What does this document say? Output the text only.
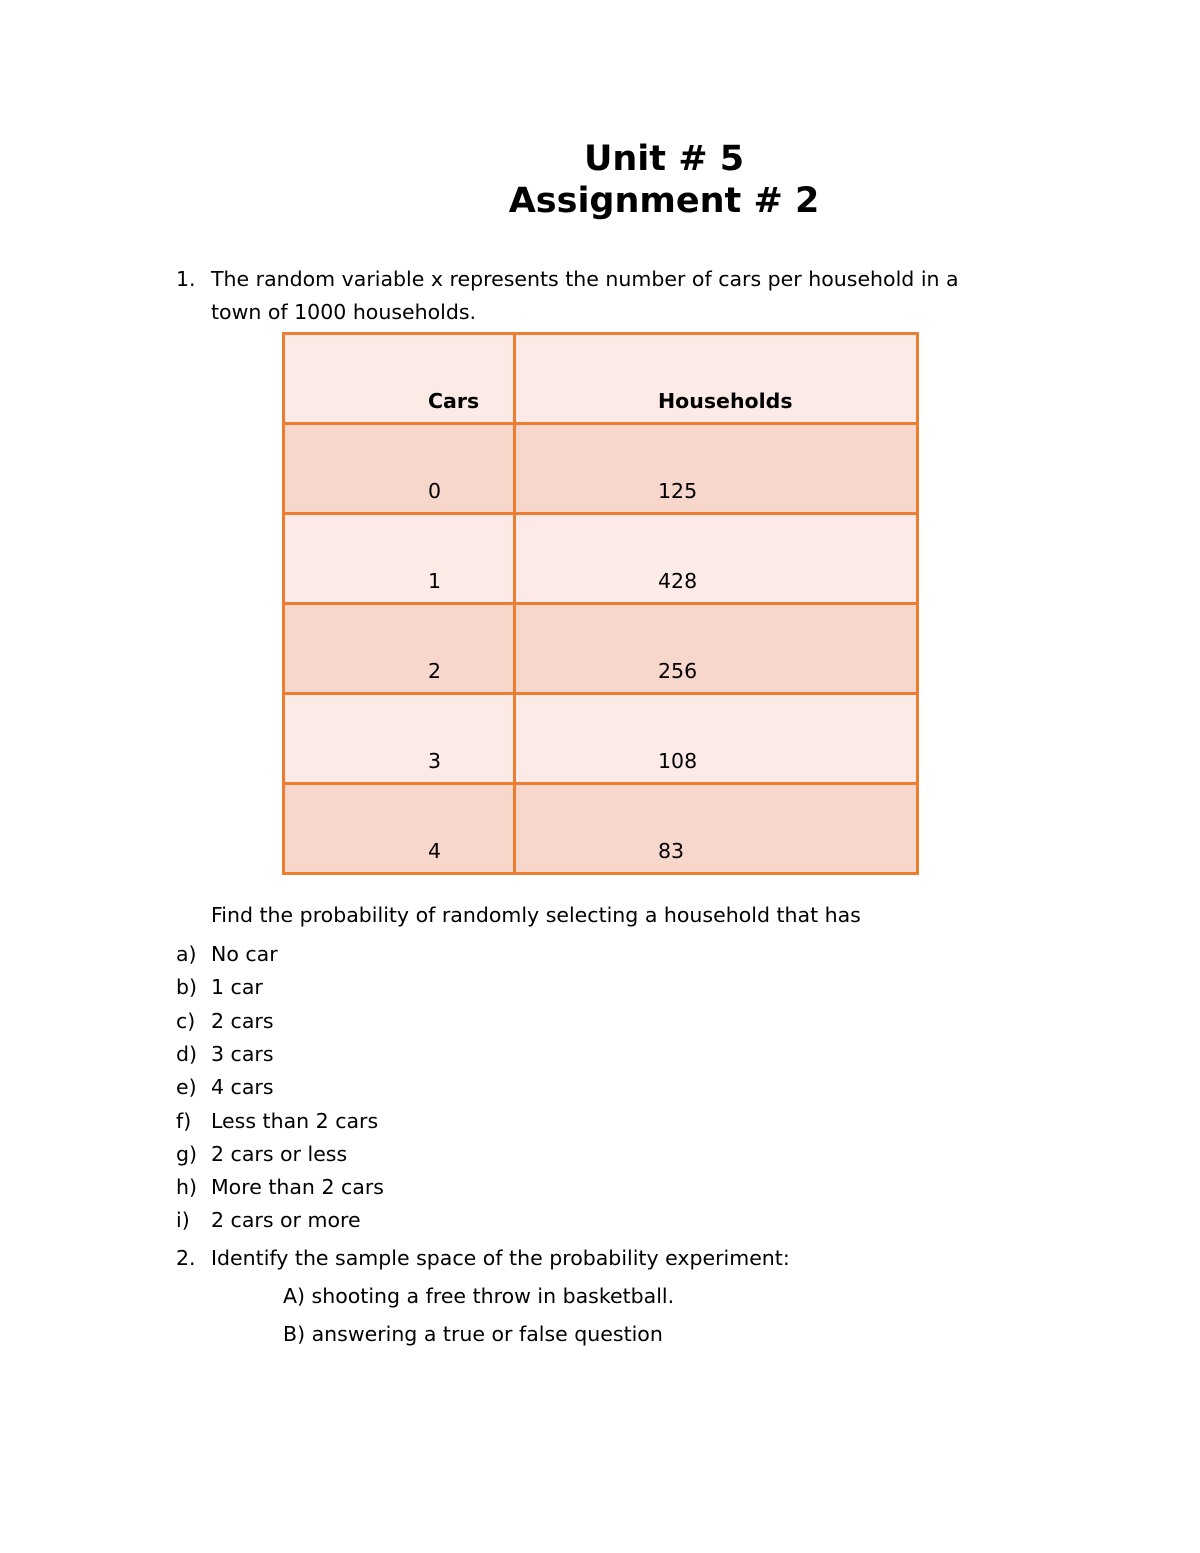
Unit # 5
Assignment # 2
1. The random variable x represents the number of cars per household in a
town of 1000 households.
Cars	Households

0	125

1	428

2	256

3	108

4	83
Find the probability of randomly selecting a household that has
a) No car
b) 1 car
c) 2 cars
d) 3 cars
e) 4 cars
f) Less than 2 cars
g) 2 cars or less
h) More than 2 cars
i) 2 cars or more
2. Identify the sample space of the probability experiment:
A) shooting a free throw in basketball.
B) answering a true or false question
